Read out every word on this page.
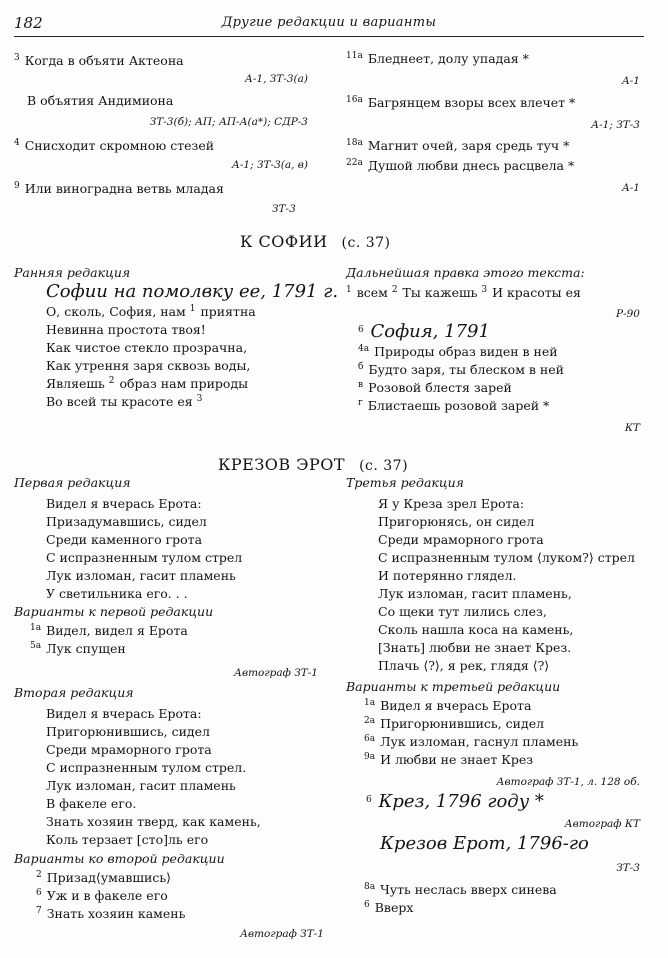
182	Другие редакции и варианты
$^3$ Когда в объяти Актеона
А-1, ЗТ-3(а)
В объятия Андимиона
ЗТ-3(б); АП; АП-А(а*); СДР-3
$^4$ Снисходит скромною стезей
А-1; ЗТ-3(а, в)
$^9$ Или виноградна ветвь младая
ЗТ-3
$^{11а}$ Бледнеет, долу упадая *
А-1
$^{16а}$ Багрянцем взоры всех влечет *
А-1; ЗТ-3
$^{18а}$ Магнит очей, заря средь туч *
$^{22а}$ Душой любви днесь расцвела *
А-1
К СОФИИ (с. 37)
Ранняя редакция
Софии на помолвку ее, 1791 г.
О, сколь, София, нам $^1$ приятна
Невинна простота твоя!
Как чистое стекло прозрачна,
Как утрення заря сквозь воды,
Являешь $^2$ образ нам природы
Во всей ты красоте ея $^3$
Дальнейшая правка этого текста:
$^1$ всем $^2$ Ты кажешь $^3$ И красоты ея
Р-90
$^6$ София, 1791
$^{4а}$ Природы образ виден в ней
$^б$ Будто заря, ты блеском в ней
$^в$ Розовой блестя зарей
$^г$ Блистаешь розовой зарей *
КТ
КРЕЗОВ ЭРОТ (с. 37)
Первая редакция
Видел я вчерась Ерота:
Призадумавшись, сидел
Среди каменного грота
С испразненным тулом стрел
Лук изломан, гасит пламень
У светильника его. . .
Варианты к первой редакции
$^{1а}$ Видел, видел я Ерота
$^{5а}$ Лук спущен
Автограф ЗТ-1
Вторая редакция
Видел я вчерась Ерота:
Пригорюнившись, сидел
Среди мраморного грота
С испразненным тулом стрел.
Лук изломан, гасит пламень
В факеле его.
Знать хозяин тверд, как камень,
Коль терзает [сто]ль его
Варианты ко второй редакции
$^2$ Призад⟨умавшись⟩
$^6$ Уж и в факеле его
$^7$ Знать хозяин камень
Автограф ЗТ-1
Третья редакция
Я у Креза зрел Ерота:
Пригорюнясь, он сидел
Среди мраморного грота
С испразненным тулом ⟨луком?⟩ стрел
И потерянно глядел.
Лук изломан, гасит пламень,
Со щеки тут лились слез,
Сколь нашла коса на камень,
[Знать] любви не знает Крез.
Плачь ⟨?⟩, я рек, глядя ⟨?⟩
Варианты к третьей редакции
$^{1а}$ Видел я вчерась Ерота
$^{2а}$ Пригорюнившись, сидел
$^{6а}$ Лук изломан, гаснул пламень
$^{9а}$ И любви не знает Крез
Автограф ЗТ-1, л. 128 об.
$^6$ Крез, 1796 году *
Автограф КТ
Крезов Ерот, 1796-го
ЗТ-3
$^{8а}$ Чуть неслась вверх синева
$^6$ Вверх
